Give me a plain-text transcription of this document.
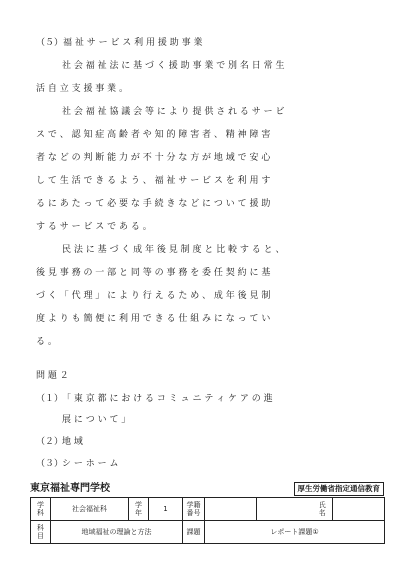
（５）福 祉 サ ー ビ ス 利 用 援 助 事 業
社 会 福 祉 法 に 基 づ く 援 助 事 業 で 別 名 日 常 生
活 自 立 支 援 事 業 。
社 会 福 祉 協 議 会 等 に よ り 提 供 さ れ る サ ー ビ
ス で 、 認 知 症 高 齢 者 や 知 的 障 害 者 、 精 神 障 害
者 な ど の 判 断 能 力 が 不 十 分 な 方 が 地 域 で 安 心
し て 生 活 で き る よ う 、 福 祉 サ ー ビ ス を 利 用 す
る に あ た っ て 必 要 な 手 続 き な ど に つ い て 援 助
す る サ ー ビ ス で あ る 。
民 法 に 基 づ く 成 年 後 見 制 度 と 比 較 す る と 、
後 見 事 務 の 一 部 と 同 等 の 事 務 を 委 任 契 約 に 基
づ く 「 代 理 」 に よ り 行 え る た め 、 成 年 後 見 制
度 よ り も 簡 便 に 利 用 で き る 仕 組 み に な っ て い
る 。
問 題 ２
（１）
「 東 京 都 に お け る コ ミ ュ ニ テ ィ ケ ア の 進
展 に つ い て 」
（２）
地 域
（３）
シ ー ホ ー ム
東京福祉専門学校	厚生労働省指定通信教育
学科	社会福祉科	学年	1	学籍番号			氏名	
科目	地域福祉の理論と方法			課題	レポート課題①			
